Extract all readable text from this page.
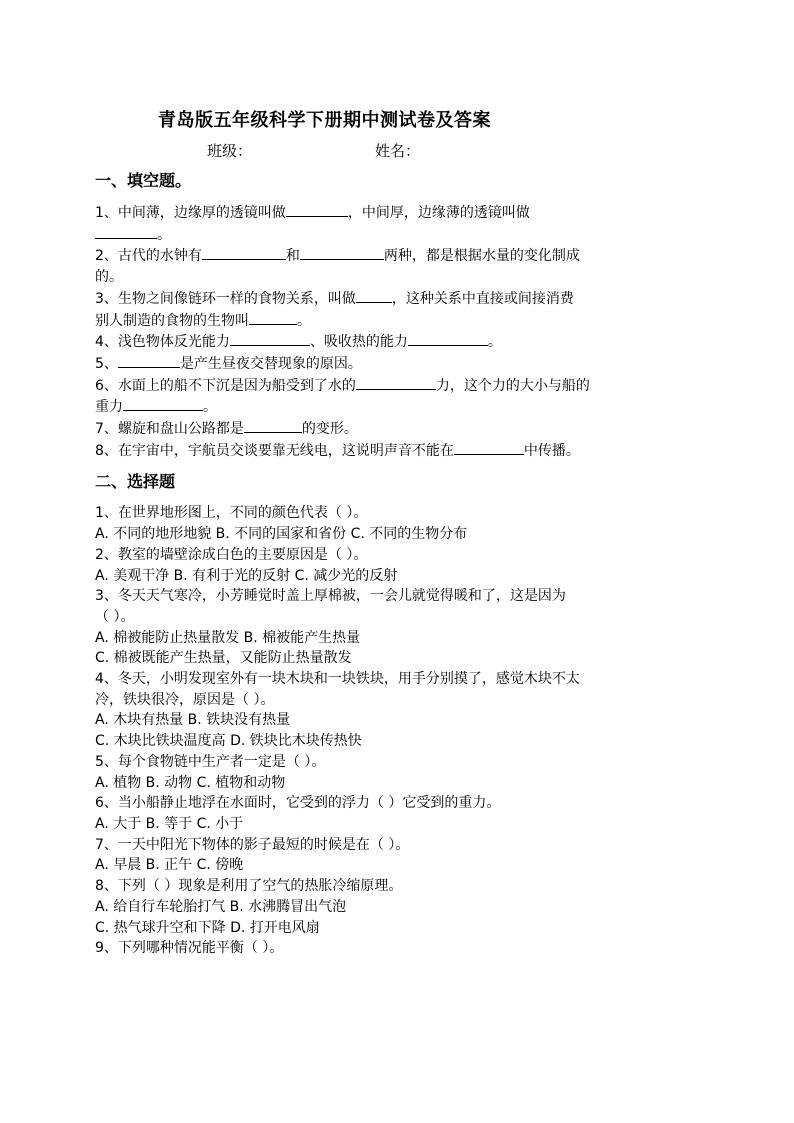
青岛版五年级科学下册期中测试卷及答案
班级：	姓名：
一、填空题。
1、中间薄，边缘厚的透镜叫做	，中间厚，边缘薄的透镜叫做
。
2、古代的水钟有	和	两种，都是根据水量的变化制成
的。
3、生物之间像链环一样的食物关系，叫做	，这种关系中直接或间接消费
别人制造的食物的生物叫	。
4、浅色物体反光能力	、吸收热的能力	。
5、	是产生昼夜交替现象的原因。
6、水面上的船不下沉是因为船受到了水的	力，这个力的大小与船的
重力	。
7、螺旋和盘山公路都是	的变形。
8、在宇宙中，宇航员交谈要靠无线电，这说明声音不能在	中传播。
二、选择题
1、在世界地形图上，不同的颜色代表（ ）。
A. 不同的地形地貌 B. 不同的国家和省份 C. 不同的生物分布
2、教室的墙壁涂成白色的主要原因是（ ）。
A. 美观干净 B. 有利于光的反射 C. 减少光的反射
3、冬天天气寒冷，小芳睡觉时盖上厚棉被，一会儿就觉得暖和了，这是因为
（ ）。
A. 棉被能防止热量散发 B. 棉被能产生热量
C. 棉被既能产生热量，又能防止热量散发
4、冬天，小明发现室外有一块木块和一块铁块，用手分别摸了，感觉木块不太
冷，铁块很冷，原因是（ ）。
A. 木块有热量 B. 铁块没有热量
C. 木块比铁块温度高 D. 铁块比木块传热快
5、每个食物链中生产者一定是（ ）。
A. 植物 B. 动物 C. 植物和动物
6、当小船静止地浮在水面时，它受到的浮力（ ）它受到的重力。
A. 大于 B. 等于 C. 小于
7、一天中阳光下物体的影子最短的时候是在（ ）。
A. 早晨 B. 正午 C. 傍晚
8、下列（ ）现象是利用了空气的热胀冷缩原理。
A. 给自行车轮胎打气 B. 水沸腾冒出气泡
C. 热气球升空和下降 D. 打开电风扇
9、下列哪种情况能平衡（ ）。
